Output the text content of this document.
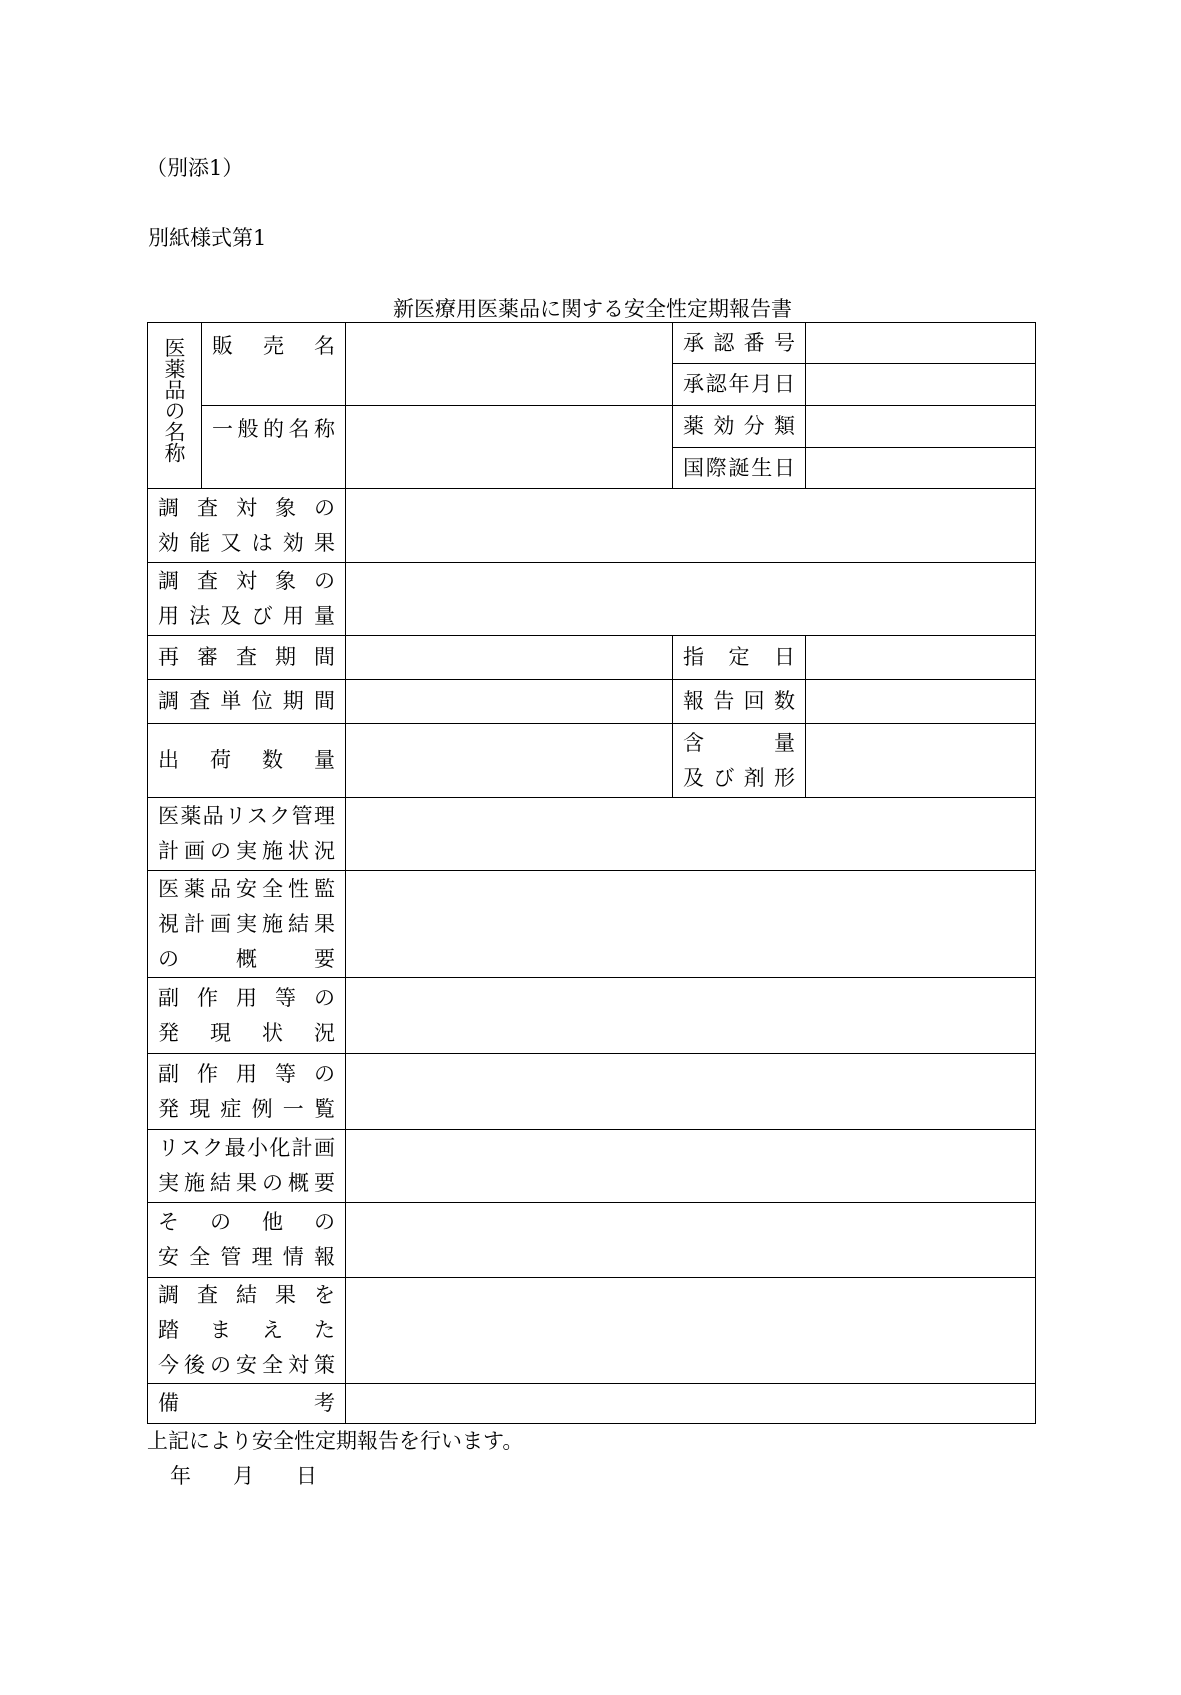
（別添1）
別紙様式第1
新医療用医薬品に関する安全性定期報告書
医薬品の名称	販　売　名		承認番号	

			承認年月日	

	一般的名称		薬効分類	

			国際誕生日	

調査対象の
効能又は効果				

調査対象の
用法及び用量				

再審査期間			指定日	

調査単位期間			報告回数	

出荷数量			含量
及び剤形	

医薬品リスク管理
計画の実施状況				

医薬品安全性監
視計画実施結果
の概要				

副作用等の
発現状況				

副作用等の
発現症例一覧				

リスク最小化計画
実施結果の概要				

その他の
安全管理情報				

調査結果を
踏まえた
今後の安全対策				

備考				

上記により安全性定期報告を行います。
年　　月　　日
